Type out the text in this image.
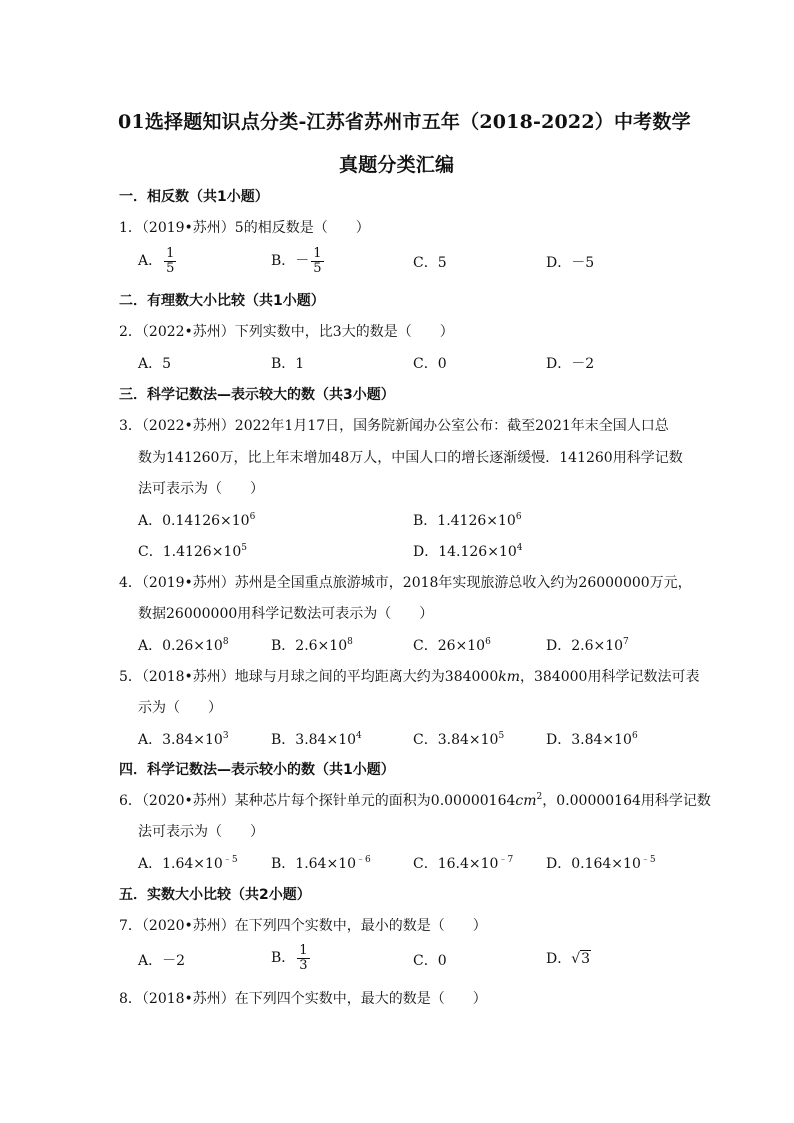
01选择题知识点分类-江苏省苏州市五年（2018-2022）中考数学
真题分类汇编
一．相反数（共1小题）
1．（2019•苏州）5的相反数是（　　）
A． $\frac{1}{5}$	B．－ $\frac{1}{5}$	C．5	D．－5
二．有理数大小比较（共1小题）
2．（2022•苏州）下列实数中，比3大的数是（　　）
A．5	B．1	C．0	D．－2
三．科学记数法—表示较大的数（共3小题）
3．（2022•苏州）2022年1月17日，国务院新闻办公室公布：截至2021年末全国人口总
数为141260万，比上年末增加48万人，中国人口的增长逐渐缓慢．141260用科学记数
法可表示为（　　）
A．$0.14126\times 10^6$	B．$1.4126\times 10^6$
C．$1.4126\times 10^5$	D．$14.126\times 10^4$
4．（2019•苏州）苏州是全国重点旅游城市，2018年实现旅游总收入约为26000000万元，
数据26000000用科学记数法可表示为（　　）
A．$0.26\times 10^8$	B．$2.6\times 10^8$	C．$26\times 10^6$	D．$2.6\times 10^7$
5．（2018•苏州）地球与月球之间的平均距离大约为384000km，384000用科学记数法可表
示为（　　）
A．$3.84\times 10^3$	B．$3.84\times 10^4$	C．$3.84\times 10^5$	D．$3.84\times 10^6$
四．科学记数法—表示较小的数（共1小题）
6．（2020•苏州）某种芯片每个探针单元的面积为$0.00000164cm^2$，0.00000164用科学记数
法可表示为（　　）
A．$1.64\times 10^{﹣5}$ B．$1.64\times 10^{﹣6}$	C．$16.4\times 10^{﹣7}$ D．$0.164\times 10^{﹣5}$
五．实数大小比较（共2小题）
7．（2020•苏州）在下列四个实数中，最小的数是（　　）
A．－2	B． $\frac{1}{3}$	C．0	D．√3
8．（2018•苏州）在下列四个实数中，最大的数是（　　）
